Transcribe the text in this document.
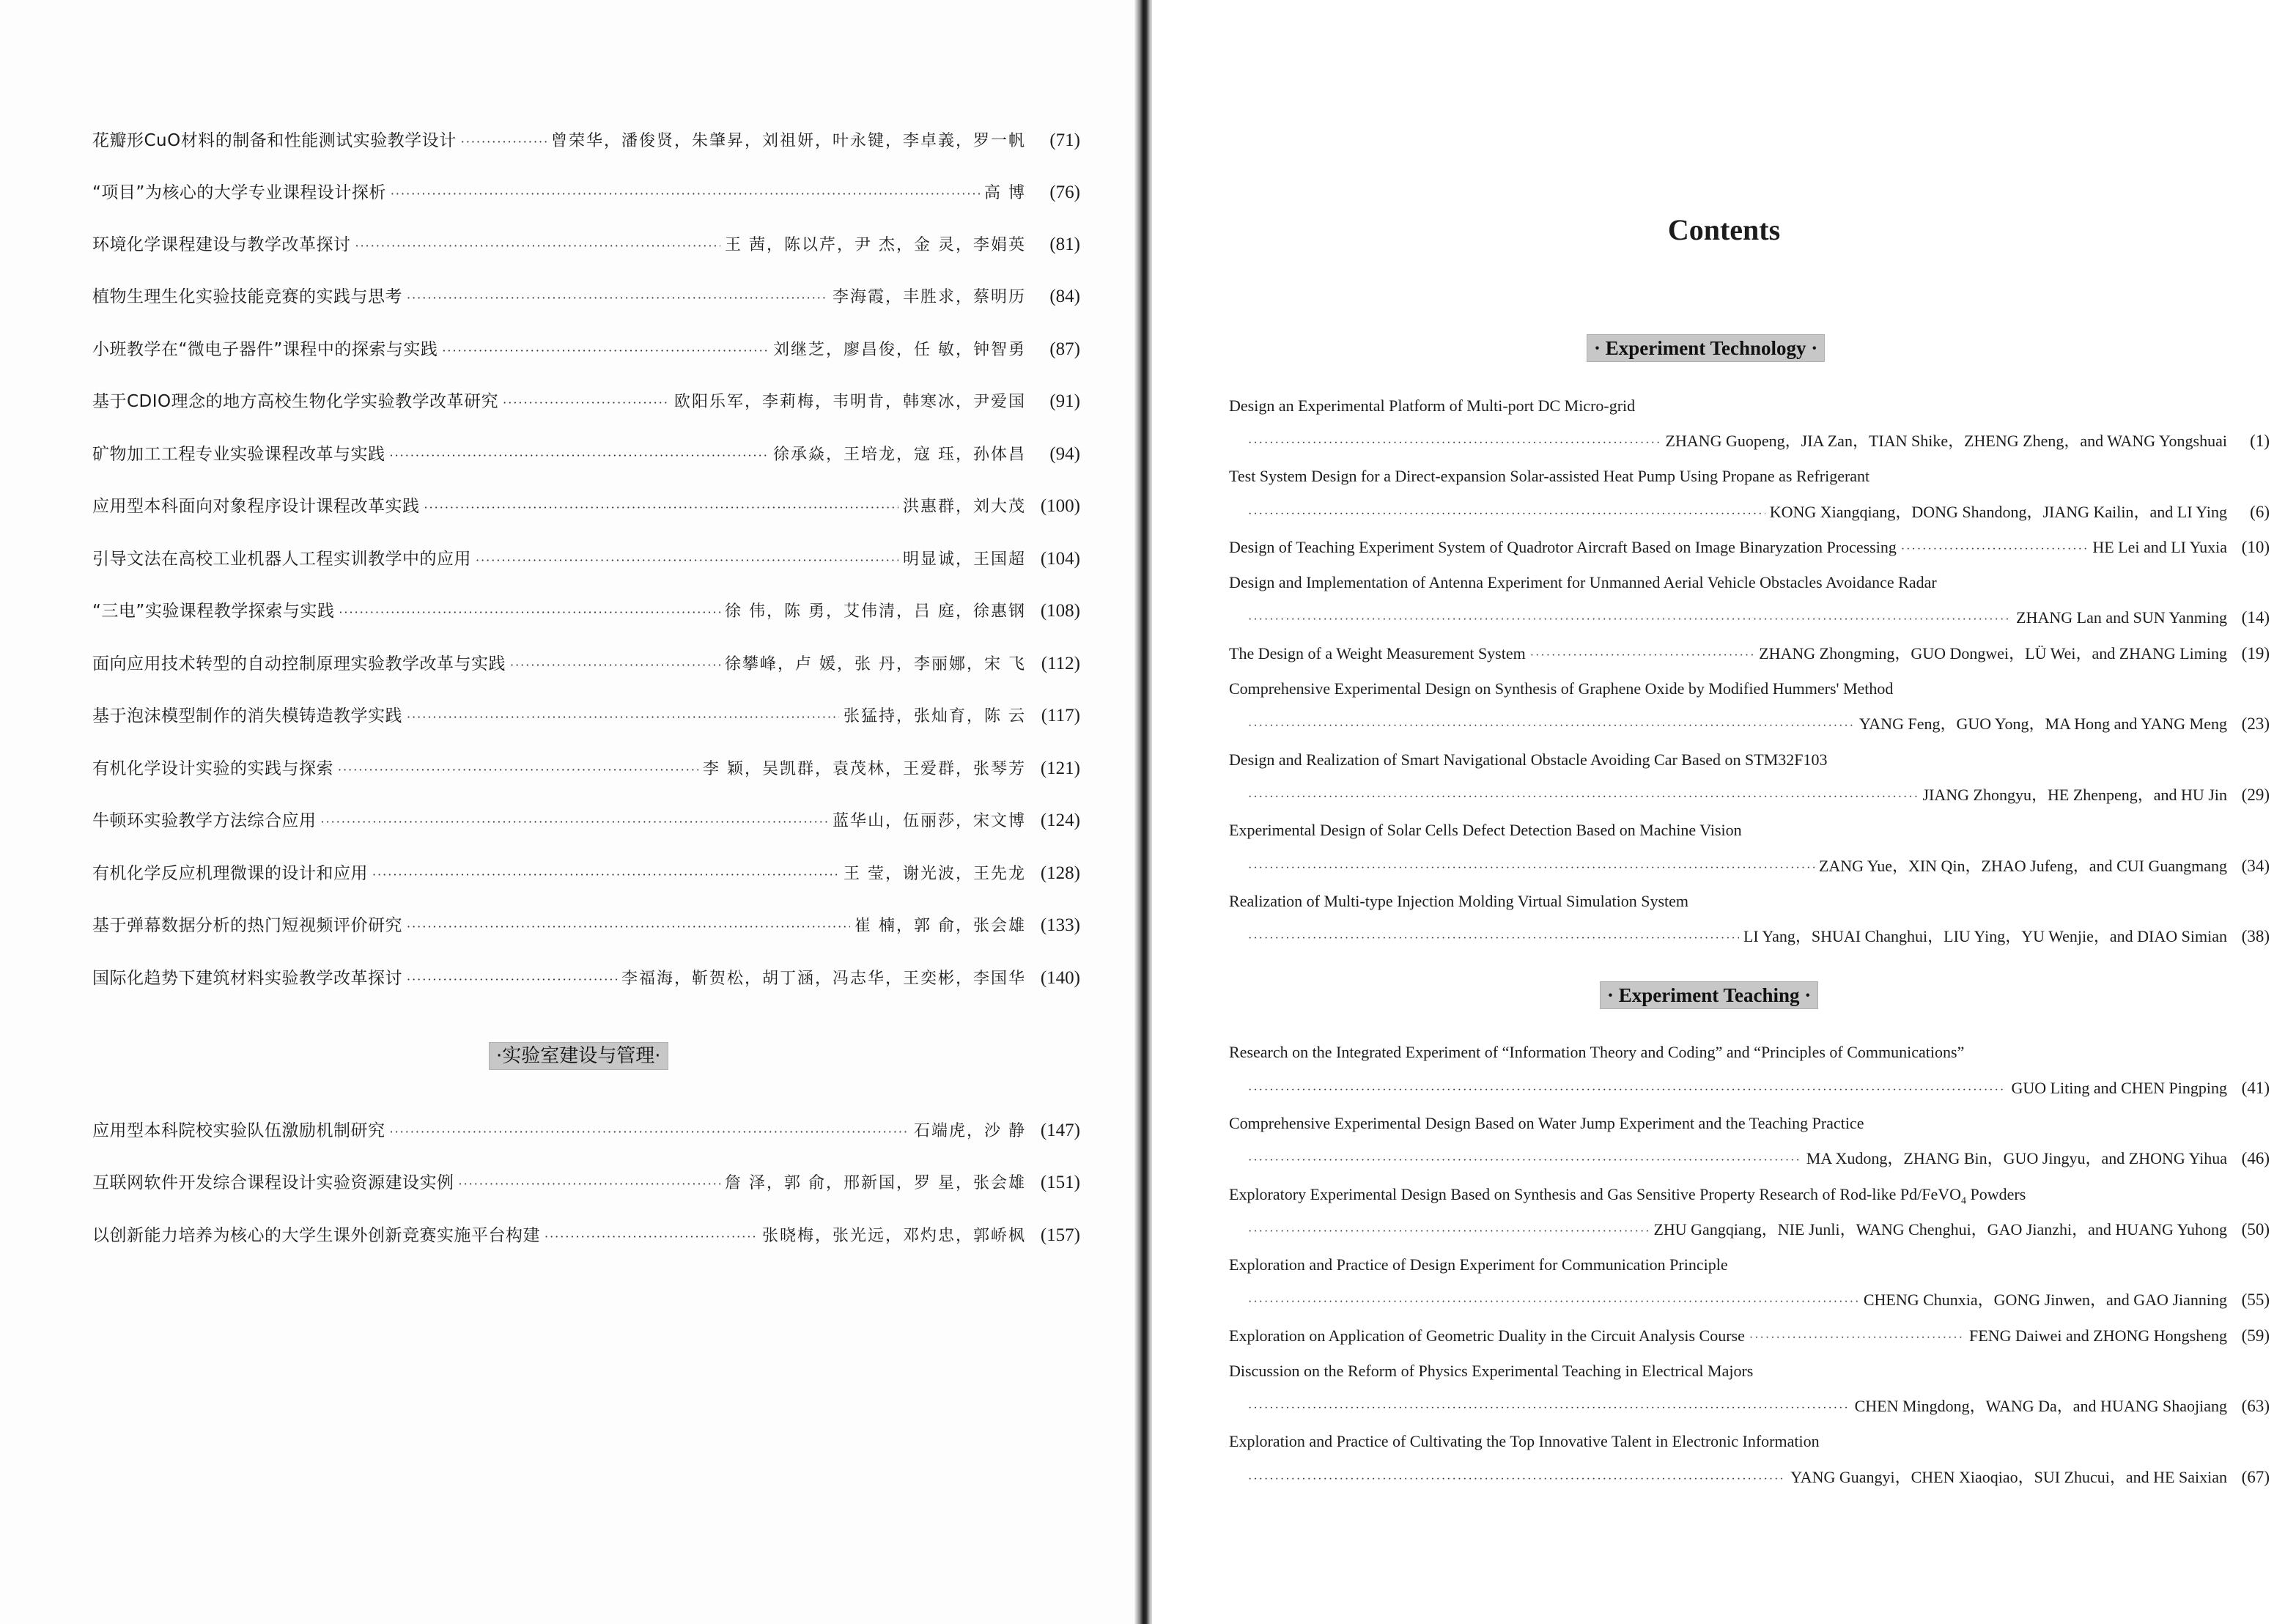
花瓣形CuO材料的制备和性能测试实验教学设计 ·····	曾荣华，潘俊贤，朱肇昇，刘祖妍，叶永键，李卓義，罗一帆	(71)
“项目”为核心的大学专业课程设计探析 ·····	高 博	(76)
环境化学课程建设与教学改革探讨 ·····	王 茜，陈以芹，尹 杰，金 灵，李娟英	(81)
植物生理生化实验技能竞赛的实践与思考 ·····	李海霞，丰胜求，蔡明历	(84)
小班教学在“微电子器件”课程中的探索与实践 ·····	刘继芝，廖昌俊，任 敏，钟智勇	(87)
基于CDIO理念的地方高校生物化学实验教学改革研究 ·····	欧阳乐军，李莉梅，韦明肯，韩寒冰，尹爱国	(91)
矿物加工工程专业实验课程改革与实践 ·····	徐承焱，王培龙，寇 珏，孙体昌	(94)
应用型本科面向对象程序设计课程改革实践 ·····	洪惠群，刘大茂 (100)
引导文法在高校工业机器人工程实训教学中的应用 ·····	明显诚，王国超 (104)
“三电”实验课程教学探索与实践 ·····	徐 伟，陈 勇，艾伟清，吕 庭，徐惠钢 (108)
面向应用技术转型的自动控制原理实验教学改革与实践 ·····	徐攀峰，卢 媛，张 丹，李丽娜，宋 飞 (112)
基于泡沫模型制作的消失模铸造教学实践 ·····	张猛持，张灿育，陈 云 (117)
有机化学设计实验的实践与探索 ·····	李 颖，吴凯群，袁茂林，王爱群，张琴芳 (121)
牛顿环实验教学方法综合应用 ·····	蓝华山，伍丽莎，宋文博 (124)
有机化学反应机理微课的设计和应用 ·····	王 莹，谢光波，王先龙 (128)
基于弹幕数据分析的热门短视频评价研究 ·····	崔 楠，郭 俞，张会雄 (133)
国际化趋势下建筑材料实验教学改革探讨 ·····	李福海，靳贺松，胡丁涵，冯志华，王奕彬，李国华 (140)
·实验室建设与管理·
应用型本科院校实验队伍激励机制研究 ·····	石端虎，沙 静 (147)
互联网软件开发综合课程设计实验资源建设实例 ·····	詹 泽，郭 俞，邢新国，罗 星，张会雄 (151)
以创新能力培养为核心的大学生课外创新竞赛实施平台构建 ·····	张晓梅，张光远，邓灼忠，郭峤枫 (157)
Contents
· Experiment Technology ·
Design an Experimental Platform of Multi-port DC Micro-grid
·····
ZHANG Guopeng，JIA Zan，TIAN Shike，ZHENG Zheng，and WANG Yongshuai	(1)
Test System Design for a Direct-expansion Solar-assisted Heat Pump Using Propane as Refrigerant
·····
KONG Xiangqiang，DONG Shandong，JIANG Kailin，and LI Ying	(6)
Design of Teaching Experiment System of Quadrotor Aircraft Based on Image Binaryzation Processing ·····	HE Lei and LI Yuxia (10)
Design and Implementation of Antenna Experiment for Unmanned Aerial Vehicle Obstacles Avoidance Radar
·····
ZHANG Lan and SUN Yanming (14)
The Design of a Weight Measurement System ·····	ZHANG Zhongming，GUO Dongwei，LÜ Wei，and ZHANG Liming (19)
Comprehensive Experimental Design on Synthesis of Graphene Oxide by Modified Hummers' Method
·····
YANG Feng，GUO Yong，MA Hong and YANG Meng (23)
Design and Realization of Smart Navigational Obstacle Avoiding Car Based on STM32F103
·····
JIANG Zhongyu，HE Zhenpeng，and HU Jin (29)
Experimental Design of Solar Cells Defect Detection Based on Machine Vision
·····
ZANG Yue，XIN Qin，ZHAO Jufeng，and CUI Guangmang (34)
Realization of Multi-type Injection Molding Virtual Simulation System
·····
LI Yang，SHUAI Changhui，LIU Ying，YU Wenjie，and DIAO Simian (38)
· Experiment Teaching ·
Research on the Integrated Experiment of “Information Theory and Coding” and “Principles of Communications”
·····
GUO Liting and CHEN Pingping (41)
Comprehensive Experimental Design Based on Water Jump Experiment and the Teaching Practice
·····
MA Xudong，ZHANG Bin，GUO Jingyu，and ZHONG Yihua (46)
Exploratory Experimental Design Based on Synthesis and Gas Sensitive Property Research of Rod-like Pd/FeVO$_4$ Powders
·····
ZHU Gangqiang，NIE Junli，WANG Chenghui，GAO Jianzhi，and HUANG Yuhong (50)
Exploration and Practice of Design Experiment for Communication Principle
·····
CHENG Chunxia，GONG Jinwen，and GAO Jianning (55)
Exploration on Application of Geometric Duality in the Circuit Analysis Course ·····	FENG Daiwei and ZHONG Hongsheng (59)
Discussion on the Reform of Physics Experimental Teaching in Electrical Majors
·····
CHEN Mingdong，WANG Da，and HUANG Shaojiang (63)
Exploration and Practice of Cultivating the Top Innovative Talent in Electronic Information
·····
YANG Guangyi，CHEN Xiaoqiao，SUI Zhucui，and HE Saixian (67)
